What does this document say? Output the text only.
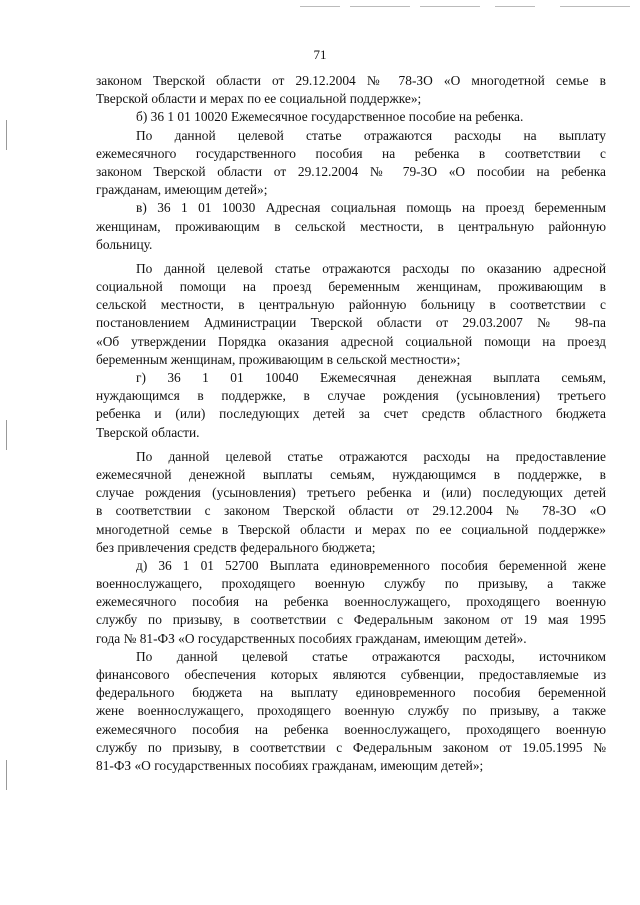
71
законом Тверской области от 29.12.2004 № 78-ЗО «О многодетной семье в
Тверской области и мерах по ее социальной поддержке»;
б) 36 1 01 10020 Ежемесячное государственное пособие на ребенка.
По данной целевой статье отражаются расходы на выплату
ежемесячного государственного пособия на ребенка в соответствии с
законом Тверской области от 29.12.2004 № 79-ЗО «О пособии на ребенка
гражданам, имеющим детей»;
в) 36 1 01 10030 Адресная социальная помощь на проезд беременным
женщинам, проживающим в сельской местности, в центральную районную
больницу.
По данной целевой статье отражаются расходы по оказанию адресной
социальной помощи на проезд беременным женщинам, проживающим в
сельской местности, в центральную районную больницу в соответствии с
постановлением Администрации Тверской области от 29.03.2007 № 98-па
«Об утверждении Порядка оказания адресной социальной помощи на проезд
беременным женщинам, проживающим в сельской местности»;
г) 36 1 01 10040 Ежемесячная денежная выплата семьям,
нуждающимся в поддержке, в случае рождения (усыновления) третьего
ребенка и (или) последующих детей за счет средств областного бюджета
Тверской области.
По данной целевой статье отражаются расходы на предоставление
ежемесячной денежной выплаты семьям, нуждающимся в поддержке, в
случае рождения (усыновления) третьего ребенка и (или) последующих детей
в соответствии с законом Тверской области от 29.12.2004 № 78-ЗО «О
многодетной семье в Тверской области и мерах по ее социальной поддержке»
без привлечения средств федерального бюджета;
д) 36 1 01 52700 Выплата единовременного пособия беременной жене
военнослужащего, проходящего военную службу по призыву, а также
ежемесячного пособия на ребенка военнослужащего, проходящего военную
службу по призыву, в соответствии с Федеральным законом от 19 мая 1995
года № 81-ФЗ «О государственных пособиях гражданам, имеющим детей».
По данной целевой статье отражаются расходы, источником
финансового обеспечения которых являются субвенции, предоставляемые из
федерального бюджета на выплату единовременного пособия беременной
жене военнослужащего, проходящего военную службу по призыву, а также
ежемесячного пособия на ребенка военнослужащего, проходящего военную
службу по призыву, в соответствии с Федеральным законом от 19.05.1995 №
81-ФЗ «О государственных пособиях гражданам, имеющим детей»;
